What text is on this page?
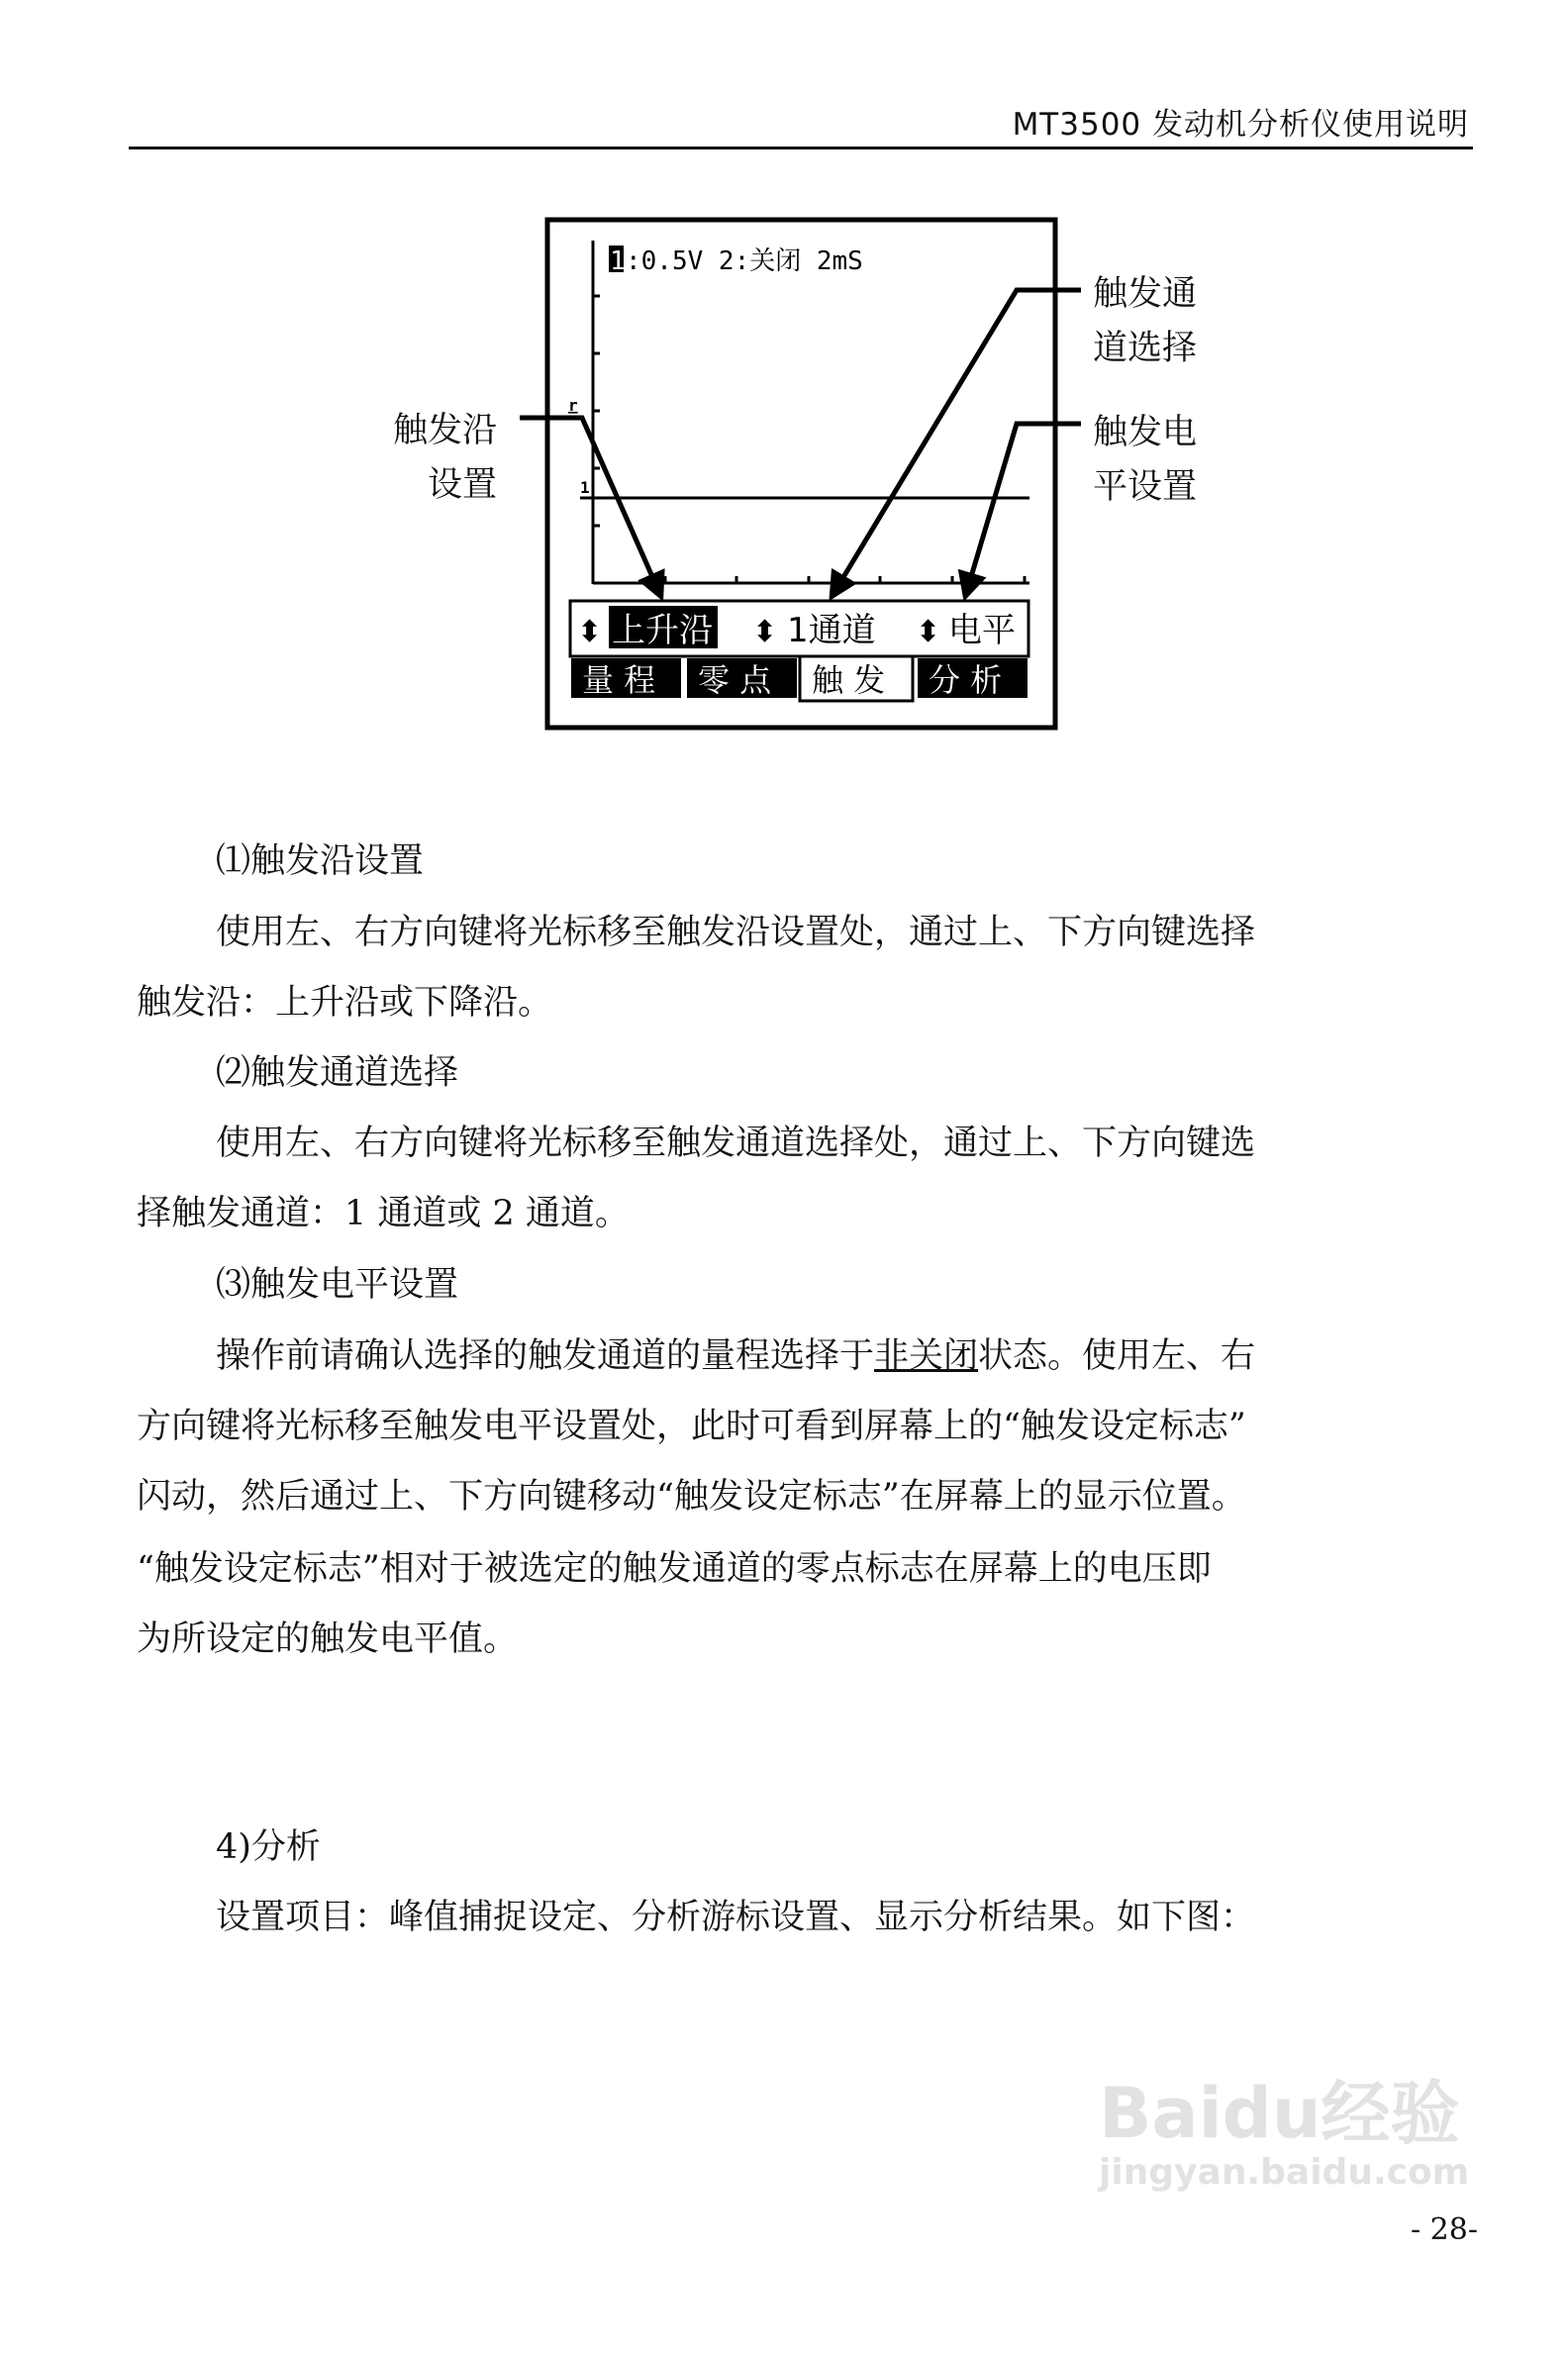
MT3500 发动机分析仪使用说明
r
1
1 :0.5V 2:关闭 2mS
⬍ 上升沿 ⬍ 1通道 ⬍ 电平
量 程 零 点 触 发 分 析
触发沿
设置
触发通
道选择
触发电
平设置
⑴触发沿设置
使用左、右方向键将光标移至触发沿设置处，通过上、下方向键选择
触发沿：上升沿或下降沿。
⑵触发通道选择
使用左、右方向键将光标移至触发通道选择处，通过上、下方向键选
择触发通道：1 通道或 2 通道。
⑶触发电平设置
操作前请确认选择的触发通道的量程选择于非关闭状态。使用左、右
方向键将光标移至触发电平设置处，此时可看到屏幕上的“触发设定标志”
闪动，然后通过上、下方向键移动“触发设定标志”在屏幕上的显示位置。
“触发设定标志”相对于被选定的触发通道的零点标志在屏幕上的电压即
为所设定的触发电平值。
4)分析
设置项目：峰值捕捉设定、分析游标设置、显示分析结果。如下图：
Baidu经验
jingyan.baidu.com
- 28-
